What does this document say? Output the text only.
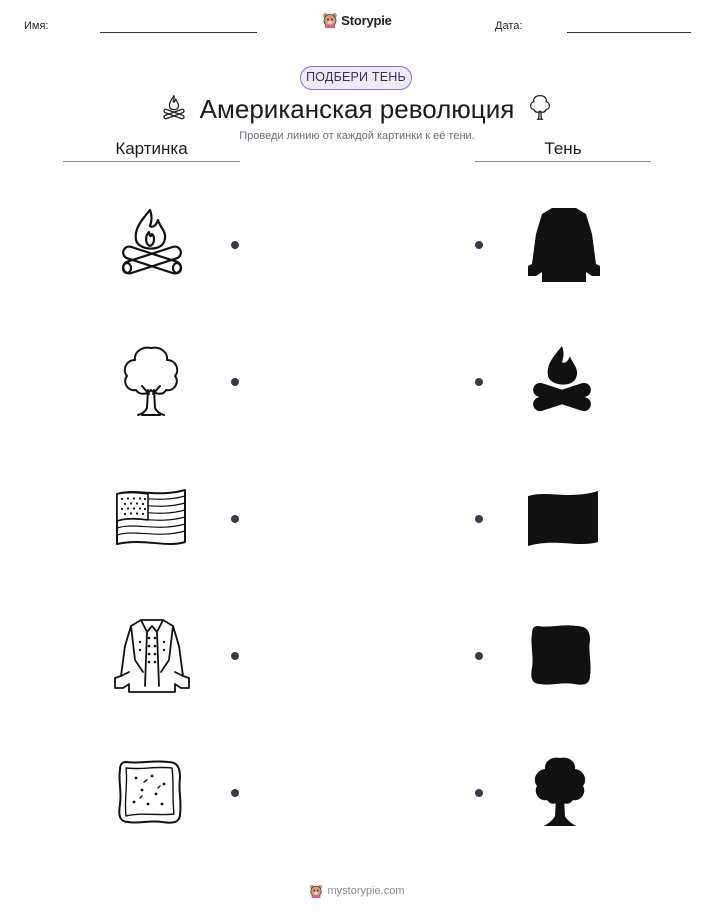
Имя:	Storypie	Дата:
ПОДБЕРИ ТЕНЬ
Американская революция
Проведи линию от каждой картинки к её тени.
Картинка	Тень
mystorypie.com
